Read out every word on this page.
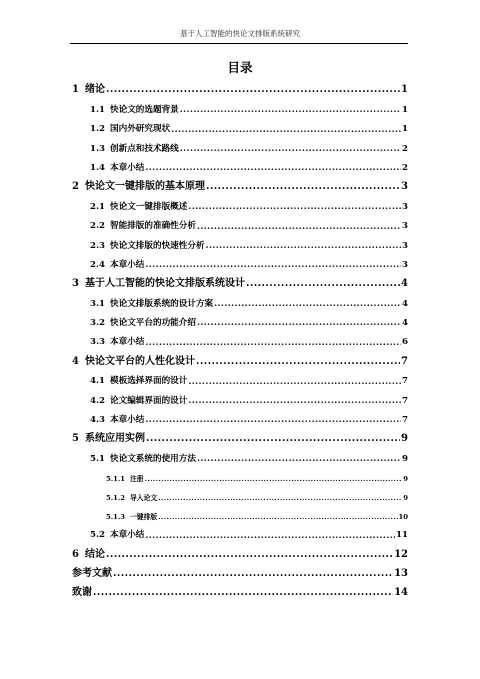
基于人工智能的快论文排版系统研究
目录
1 绪论 .....	1
1.1 快论文的选题背景 .....	1
1.2 国内外研究现状 .....	1
1.3 创新点和技术路线 .....	2
1.4 本章小结 .....	2
2 快论文一键排版的基本原理 .....	3
2.1 快论文一键排版概述 .....	3
2.2 智能排版的准确性分析 .....	3
2.3 快论文排版的快速性分析 .....	3
2.4 本章小结 .....	3
3 基于人工智能的快论文排版系统设计 .....	4
3.1 快论文排版系统的设计方案 .....	4
3.2 快论文平台的功能介绍 .....	4
3.3 本章小结 .....	6
4 快论文平台的人性化设计 .....	7
4.1 模板选择界面的设计 .....	7
4.2 论文编辑界面的设计 .....	7
4.3 本章小结 .....	7
5 系统应用实例 .....	9
5.1 快论文系统的使用方法 .....	9
5.1.1 注册 .....	9
5.1.2 导入论文 .....	9
5.1.3 一键排版 .....	10
5.2 本章小结 .....	11
6 结论 .....	12
参考文献 .....	13
致谢 .....	14
